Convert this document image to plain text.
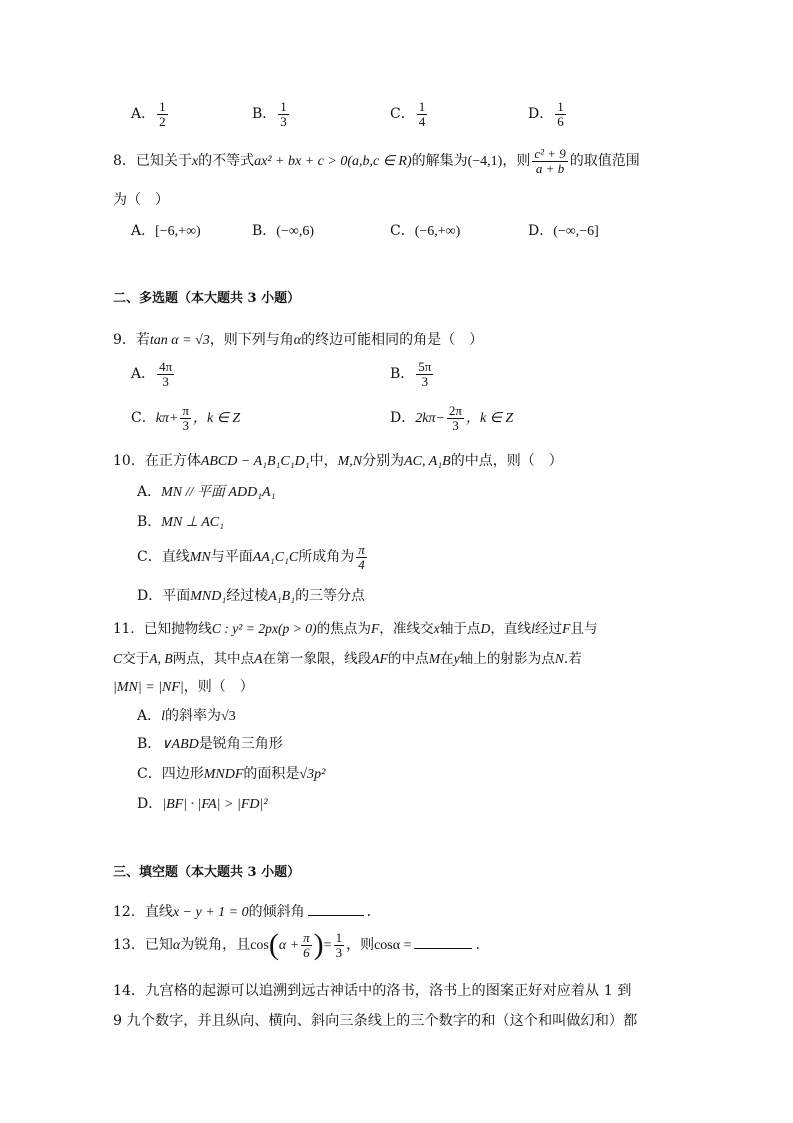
A． $\frac{1}{2}$	B． $\frac{1}{3}$	C． $\frac{1}{4}$	D． $\frac{1}{6}$
8．已知关于x的不等式ax² + bx + c > 0(a,b,c ∈ R)的解集为(−4,1)，则 $\frac{\text{c² + 9}}{a + b}$ 的取值范围
为（　）
A．[−6,+∞)	B．(−∞,6)	C．(−6,+∞)	D．(−∞,−6]
二、多选题（本大题共 3 小题）
9．若tan α = √3，则下列与角α的终边可能相同的角是（　）
A． $\frac{4\pi}{3}$	B． $\frac{5\pi}{3}$
C．$k\pi+ \frac{\pi}{3}$ ，k ∈ Z	D．$2k\pi- \frac{2\pi}{3}$ ，k ∈ Z
10．在正方体ABCD − A₁B₁C₁D₁中，M,N分别为AC, A₁B的中点，则（　）
A．MN // 平面 ADD₁A₁
B．MN ⊥ AC₁
C．直线MN与平面AA₁C₁C所成角为 $\frac{\pi}{4}$
D．平面MND₁经过棱A₁B₁的三等分点
11．已知抛物线C : y² = 2px(p > 0)的焦点为F，准线交x轴于点D，直线l经过F且与
C交于A, B两点，其中点A在第一象限，线段AF的中点M在y轴上的射影为点N.若
|MN| = |NF|，则（　）
A．l的斜率为√3
B．∨ABD是锐角三角形
C．四边形MNDF的面积是√3p²
D．|BF| · |FA| > |FD|²
三、填空题（本大题共 3 小题）
12．直线x − y + 1 = 0的倾斜角	.
13．已知α为锐角，且$\cos(\alpha + \frac{\pi}{6}$ )= $\frac{1}{3}$ ，则cosα =	.
14．九宫格的起源可以追溯到远古神话中的洛书，洛书上的图案正好对应着从 1 到
9 九个数字，并且纵向、横向、斜向三条线上的三个数字的和（这个和叫做幻和）都
